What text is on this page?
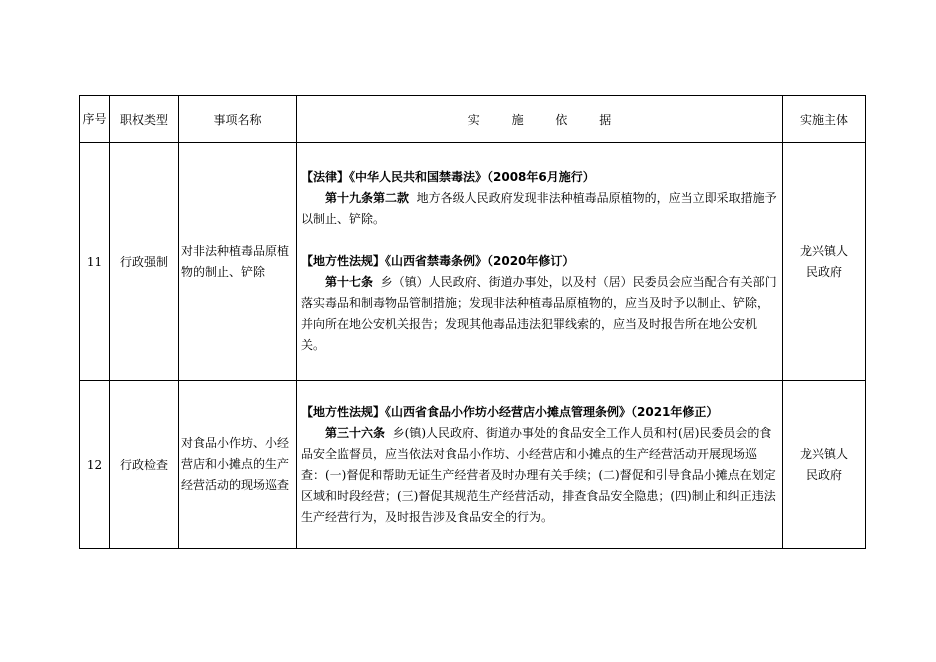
序号	职权类型	事项名称	实 施 依 据	实施主体
11	行政强制	对非法种植毒品原植物的制止、铲除	【法律】《中华人民共和国禁毒法》（2008年6月施行）

第十九条第二款 地方各级人民政府发现非法种植毒品原植物的，应当立即采取措施予以制止、铲除。

【地方性法规】《山西省禁毒条例》（2020年修订）

第十七条 乡（镇）人民政府、街道办事处，以及村（居）民委员会应当配合有关部门落实毒品和制毒物品管制措施；发现非法种植毒品原植物的，应当及时予以制止、铲除，并向所在地公安机关报告；发现其他毒品违法犯罪线索的，应当及时报告所在地公安机关。	龙兴镇人民政府

12	行政检查	对食品小作坊、小经营店和小摊点的生产经营活动的现场巡查	【地方性法规】《山西省食品小作坊小经营店小摊点管理条例》（2021年修正）

第三十六条 乡(镇)人民政府、街道办事处的食品安全工作人员和村(居)民委员会的食品安全监督员，应当依法对食品小作坊、小经营店和小摊点的生产经营活动开展现场巡查：(一)督促和帮助无证生产经营者及时办理有关手续；(二)督促和引导食品小摊点在划定区域和时段经营；(三)督促其规范生产经营活动，排查食品安全隐患；(四)制止和纠正违法生产经营行为，及时报告涉及食品安全的行为。	龙兴镇人民政府
